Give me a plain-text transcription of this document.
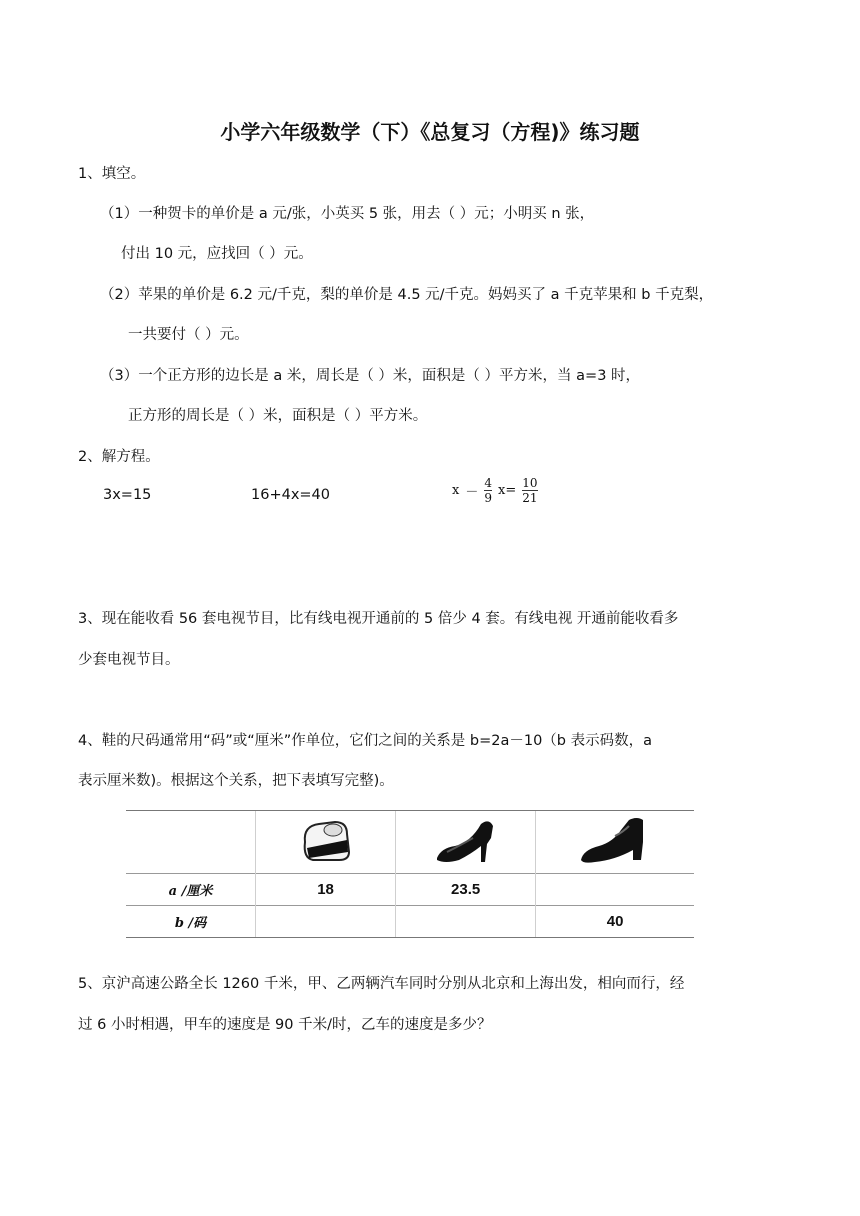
小学六年级数学（下）《总复习（方程)》练习题
1、填空。
（1）一种贺卡的单价是 a 元/张，小英买 5 张，用去（ ）元；小明买 n 张，
付出 10 元，应找回（ ）元。
（2）苹果的单价是 6.2 元/千克，梨的单价是 4.5 元/千克。妈妈买了 a 千克苹果和 b 千克梨，
一共要付（ ）元。
（3）一个正方形的边长是 a 米，周长是（ ）米，面积是（ ）平方米，当 a=3 时，
正方形的周长是（ ）米，面积是（ ）平方米。
2、解方程。
3x=15	16+4x=40	$x - \frac{4}{9} x= \frac{10}{21}$
3、现在能收看 56 套电视节目，比有线电视开通前的 5 倍少 4 套。有线电视 开通前能收看多
少套电视节目。
4、鞋的尺码通常用“码”或“厘米”作单位，它们之间的关系是 b=2a－10（b 表示码数，a
表示厘米数)。根据这个关系，把下表填写完整)。

a /厘米	18	23.5	
b /码			40
5、京沪高速公路全长 1260 千米，甲、乙两辆汽车同时分别从北京和上海出发，相向而行，经
过 6 小时相遇，甲车的速度是 90 千米/时，乙车的速度是多少？
